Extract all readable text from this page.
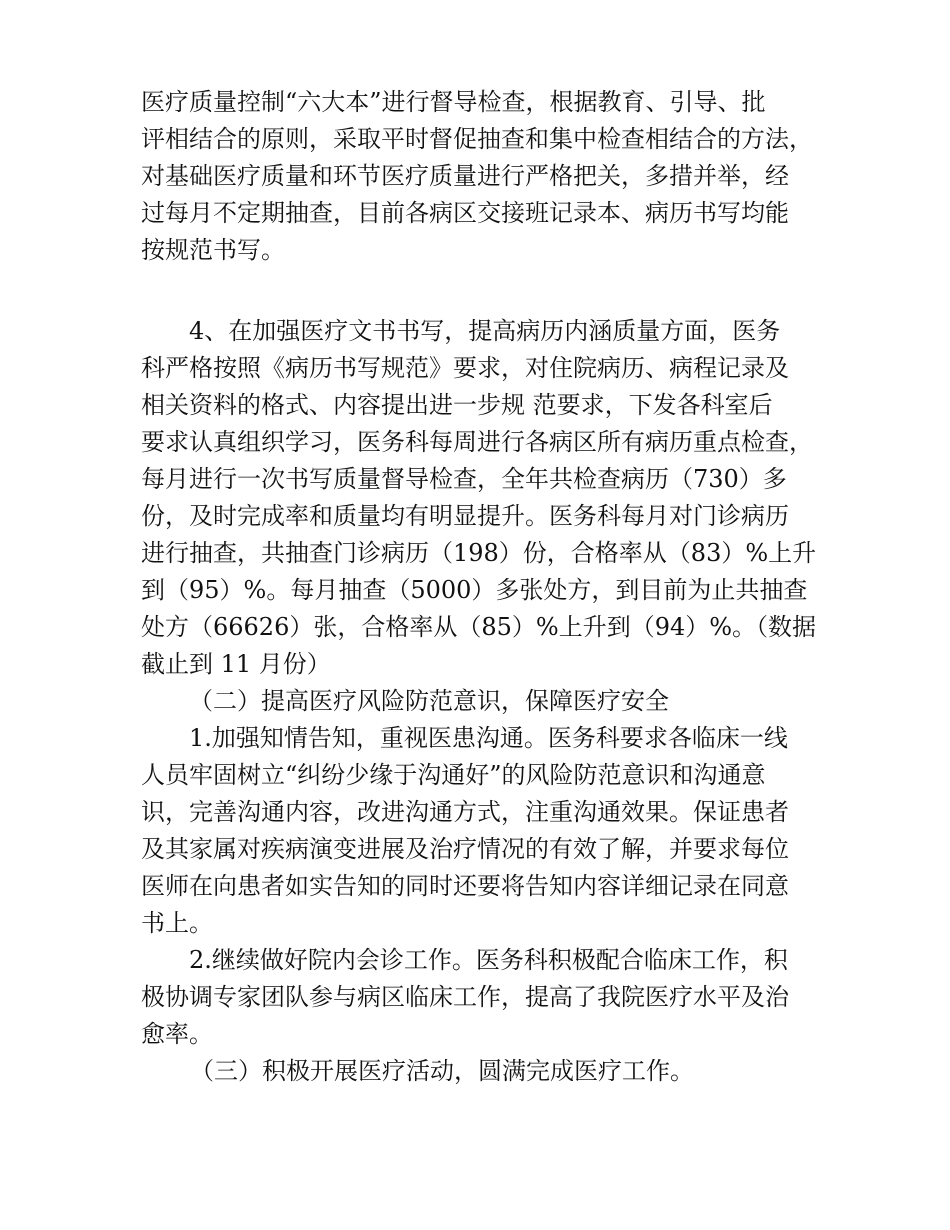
医疗质量控制“六大本”进行督导检查，根据教育、引导、批
评相结合的原则，采取平时督促抽查和集中检查相结合的方法，
对基础医疗质量和环节医疗质量进行严格把关，多措并举，经
过每月不定期抽查，目前各病区交接班记录本、病历书写均能
按规范书写。
4、在加强医疗文书书写，提高病历内涵质量方面，医务
科严格按照《病历书写规范》要求，对住院病历、病程记录及
相关资料的格式、内容提出进一步规 范要求，下发各科室后
要求认真组织学习，医务科每周进行各病区所有病历重点检查，
每月进行一次书写质量督导检查，全年共检查病历（730）多
份，及时完成率和质量均有明显提升。医务科每月对门诊病历
进行抽查，共抽查门诊病历（198）份，合格率从（83）%上升
到（95）%。每月抽查（5000）多张处方，到目前为止共抽查
处方（66626）张，合格率从（85）%上升到（94）%。（数据
截止到 11 月份）
（二）提高医疗风险防范意识，保障医疗安全
1.加强知情告知，重视医患沟通。医务科要求各临床一线
人员牢固树立“纠纷少缘于沟通好”的风险防范意识和沟通意
识，完善沟通内容，改进沟通方式，注重沟通效果。保证患者
及其家属对疾病演变进展及治疗情况的有效了解，并要求每位
医师在向患者如实告知的同时还要将告知内容详细记录在同意
书上。
2.继续做好院内会诊工作。医务科积极配合临床工作，积
极协调专家团队参与病区临床工作，提高了我院医疗水平及治
愈率。
（三）积极开展医疗活动，圆满完成医疗工作。
